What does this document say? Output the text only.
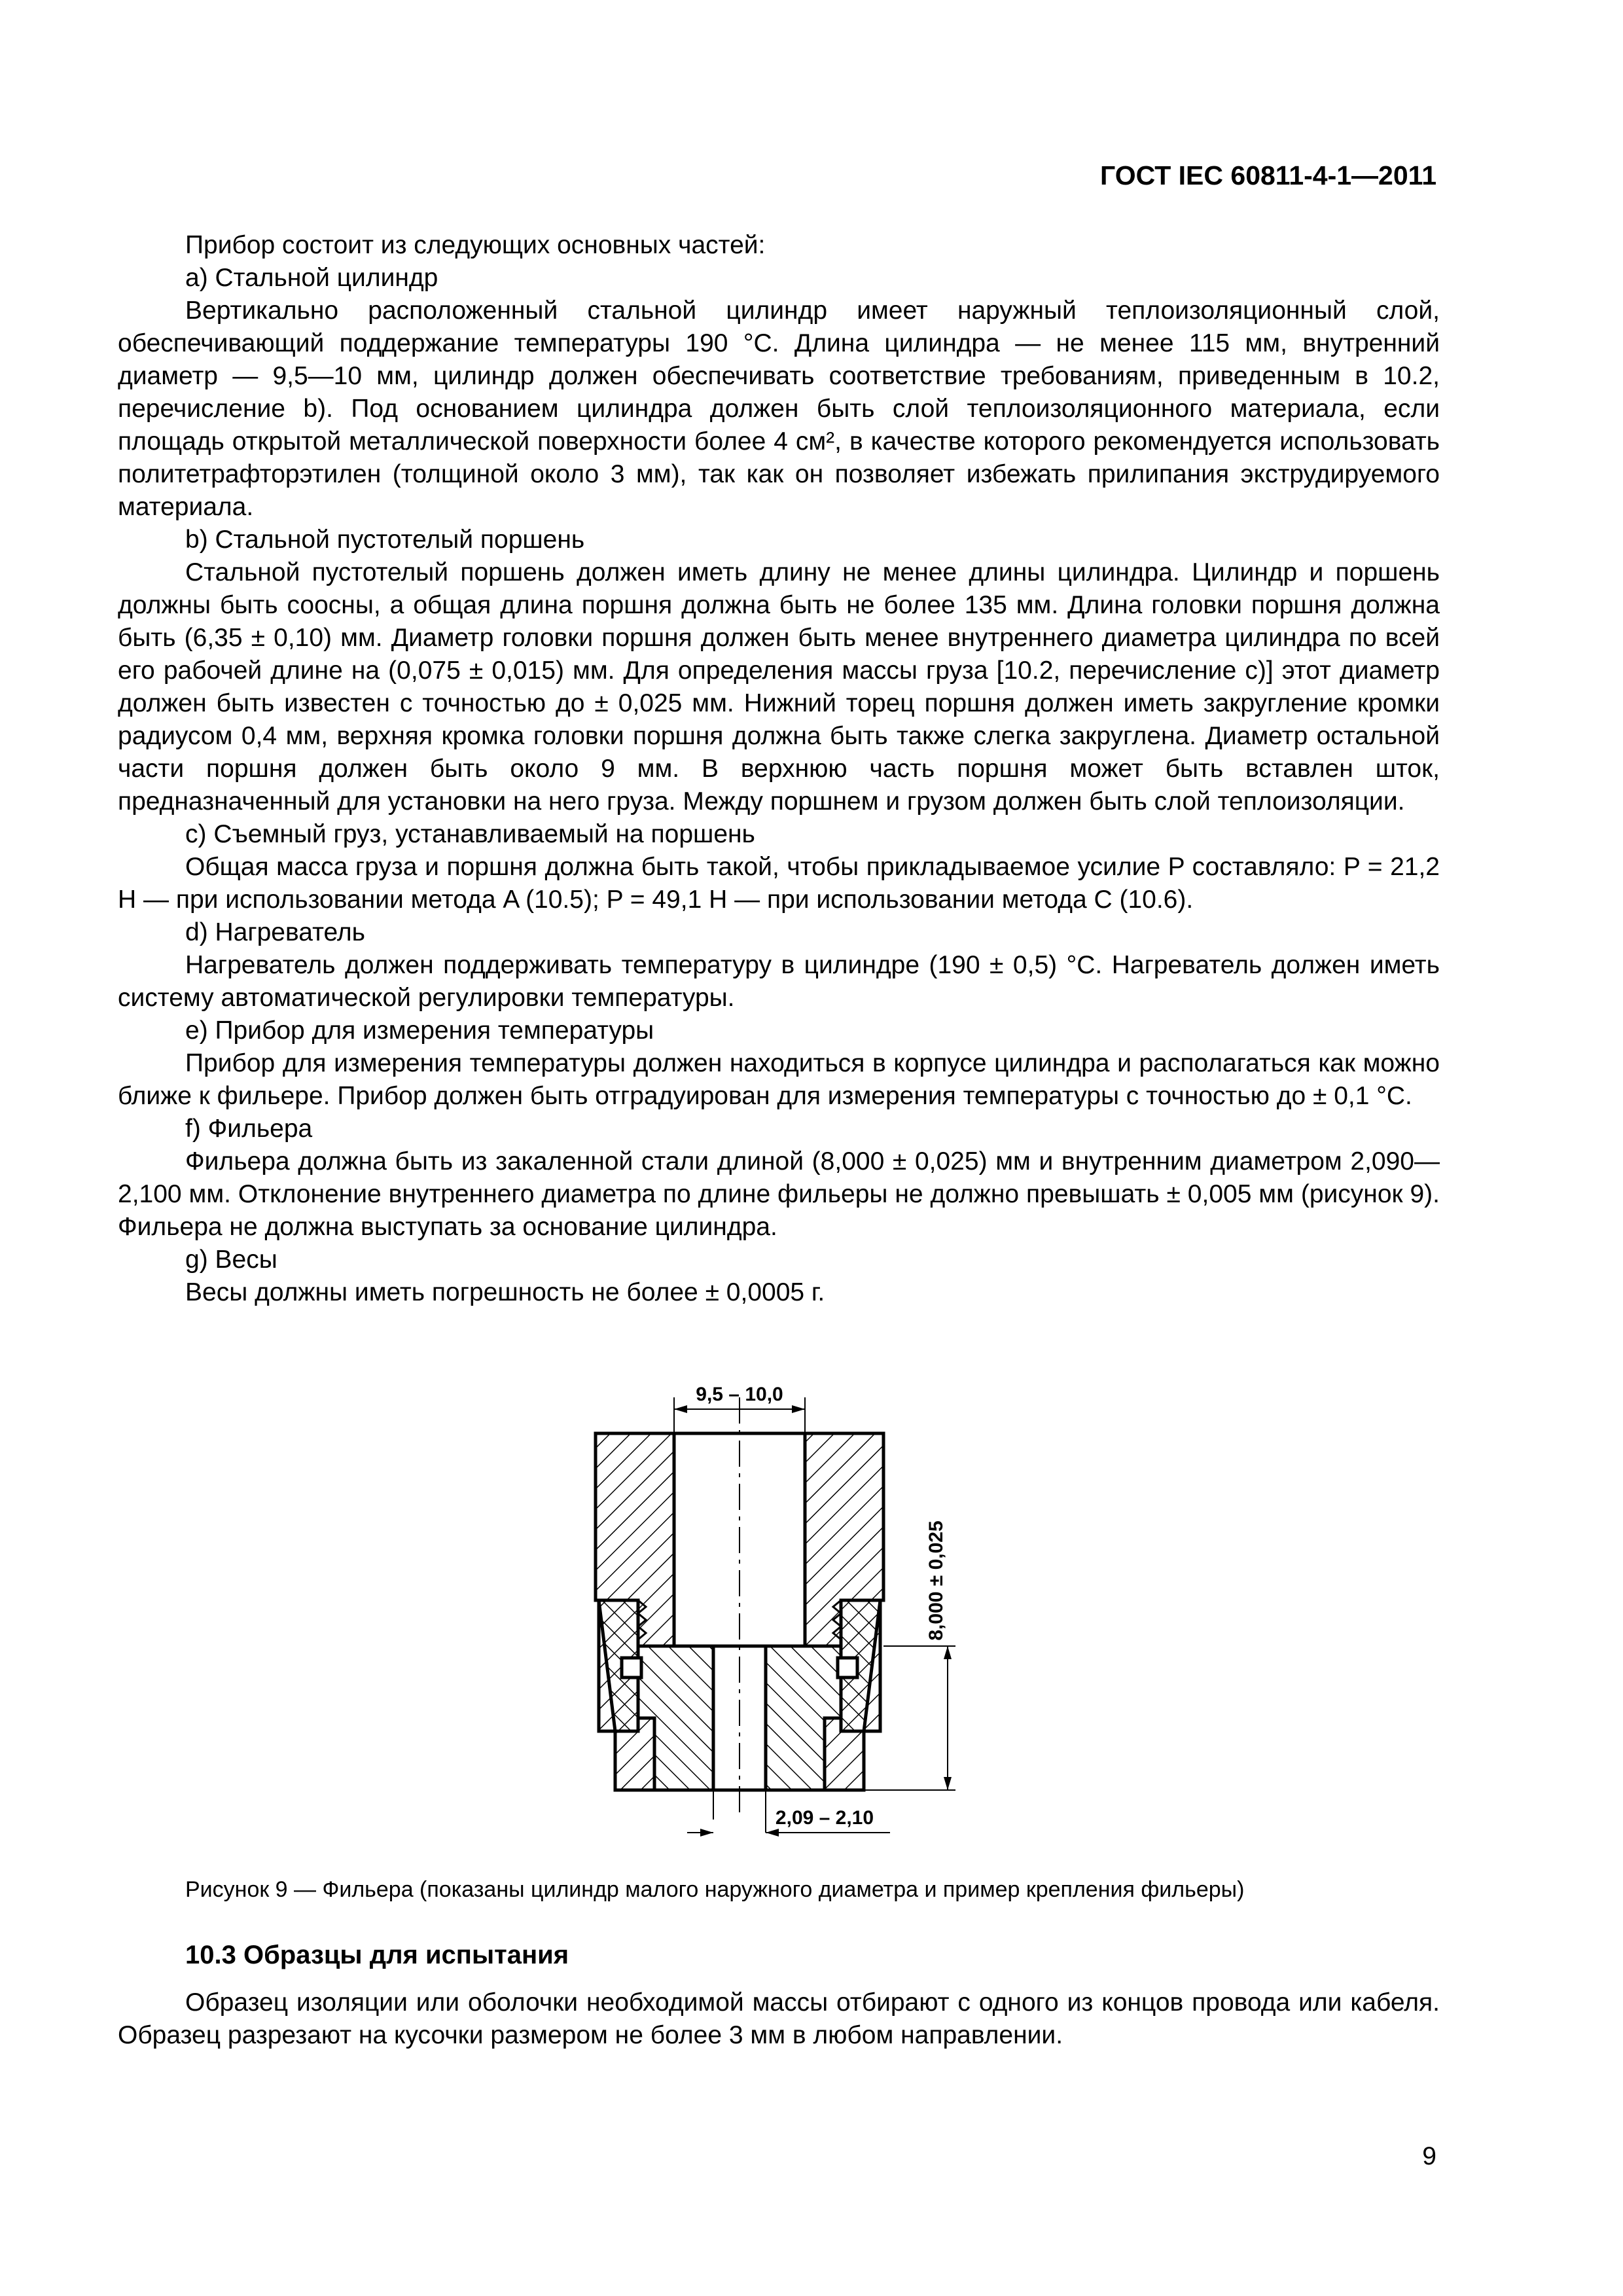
ГОСТ IEC 60811-4-1—2011

Прибор состоит из следующих основных частей:

a) Стальной цилиндр

Вертикально расположенный стальной цилиндр имеет наружный теплоизоляционный слой, обеспечивающий поддержание температуры 190 °С. Длина цилиндра — не менее 115 мм, внутренний диаметр — 9,5—10 мм, цилиндр должен обеспечивать соответствие требованиям, приведенным в 10.2, перечисление b). Под основанием цилиндра должен быть слой теплоизоляционного материала, если площадь открытой металлической поверхности более 4 см², в качестве которого рекомендуется использовать политетрафторэтилен (толщиной около 3 мм), так как он позволяет избежать прилипания экструдируемого материала.

b) Стальной пустотелый поршень

Стальной пустотелый поршень должен иметь длину не менее длины цилиндра. Цилиндр и поршень должны быть соосны, а общая длина поршня должна быть не более 135 мм. Длина головки поршня должна быть (6,35 ± 0,10) мм. Диаметр головки поршня должен быть менее внутреннего диаметра цилиндра по всей его рабочей длине на (0,075 ± 0,015) мм. Для определения массы груза [10.2, перечисление с)] этот диаметр должен быть известен с точностью до ± 0,025 мм. Нижний торец поршня должен иметь закругление кромки радиусом 0,4 мм, верхняя кромка головки поршня должна быть также слегка закруглена. Диаметр остальной части поршня должен быть около 9 мм. В верхнюю часть поршня может быть вставлен шток, предназначенный для установки на него груза. Между поршнем и грузом должен быть слой теплоизоляции.

c) Съемный груз, устанавливаемый на поршень

Общая масса груза и поршня должна быть такой, чтобы прикладываемое усилие P составляло: P = 21,2 Н — при использовании метода A (10.5); P = 49,1 Н — при использовании метода C (10.6).

d) Нагреватель

Нагреватель должен поддерживать температуру в цилиндре (190 ± 0,5) °C. Нагреватель должен иметь систему автоматической регулировки температуры.

e) Прибор для измерения температуры

Прибор для измерения температуры должен находиться в корпусе цилиндра и располагаться как можно ближе к фильере. Прибор должен быть отградуирован для измерения температуры с точностью до ± 0,1 °C.

f) Фильера

Фильера должна быть из закаленной стали длиной (8,000 ± 0,025) мм и внутренним диаметром 2,090—2,100 мм. Отклонение внутреннего диаметра по длине фильеры не должно превышать ± 0,005 мм (рисунок 9). Фильера не должна выступать за основание цилиндра.

g) Весы

Весы должны иметь погрешность не более ± 0,0005 г.

9,5 – 10,0
8,000 ± 0,025
2,09 – 2,10
Рисунок 9 — Фильера (показаны цилиндр малого наружного диаметра и пример крепления фильеры)
10.3 Образцы для испытания

Образец изоляции или оболочки необходимой массы отбирают с одного из концов провода или кабеля. Образец разрезают на кусочки размером не более 3 мм в любом направлении.

9
